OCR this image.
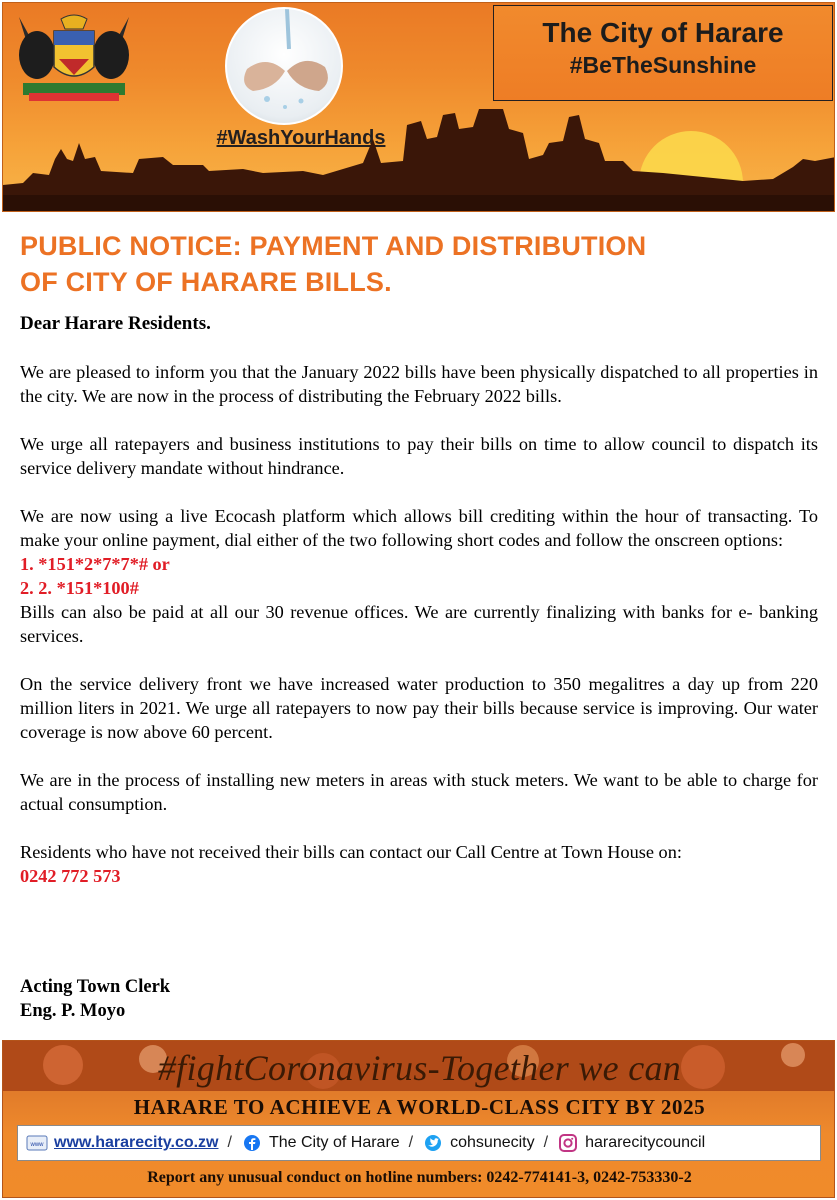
#WashYourHands
The City of Harare
#BeTheSunshine
PUBLIC NOTICE: PAYMENT AND DISTRIBUTION
OF CITY OF HARARE BILLS.
Dear Harare Residents.

We are pleased to inform you that the January 2022 bills have been physically dispatched to all properties in the city. We are now in the process of distributing the February 2022 bills.

We urge all ratepayers and business institutions to pay their bills on time to allow council to dispatch its service delivery mandate without hindrance.

We are now using a live Ecocash platform which allows bill crediting within the hour of transacting. To make your online payment, dial either of the two following short codes and follow the onscreen options:

1. *151*2*7*7*# or
2. 2. *151*100#

Bills can also be paid at all our 30 revenue offices. We are currently finalizing with banks for e- banking services.

On the service delivery front we have increased water production to 350 megalitres a day up from 220 million liters in 2021. We urge all ratepayers to now pay their bills because service is improving. Our water coverage is now above 60 percent.

We are in the process of installing new meters in areas with stuck meters. We want to be able to charge for actual consumption.

Residents who have not received their bills can contact our Call Centre at Town House on:

0242 772 573
Acting Town Clerk
Eng. P. Moyo
#fightCoronavirus-Together we can
HARARE TO ACHIEVE A WORLD-CLASS CITY BY 2025
www www.hararecity.co.zw / The City of Harare / cohsunecity / hararecitycouncil
Report any unusual conduct on hotline numbers: 0242-774141-3, 0242-753330-2
